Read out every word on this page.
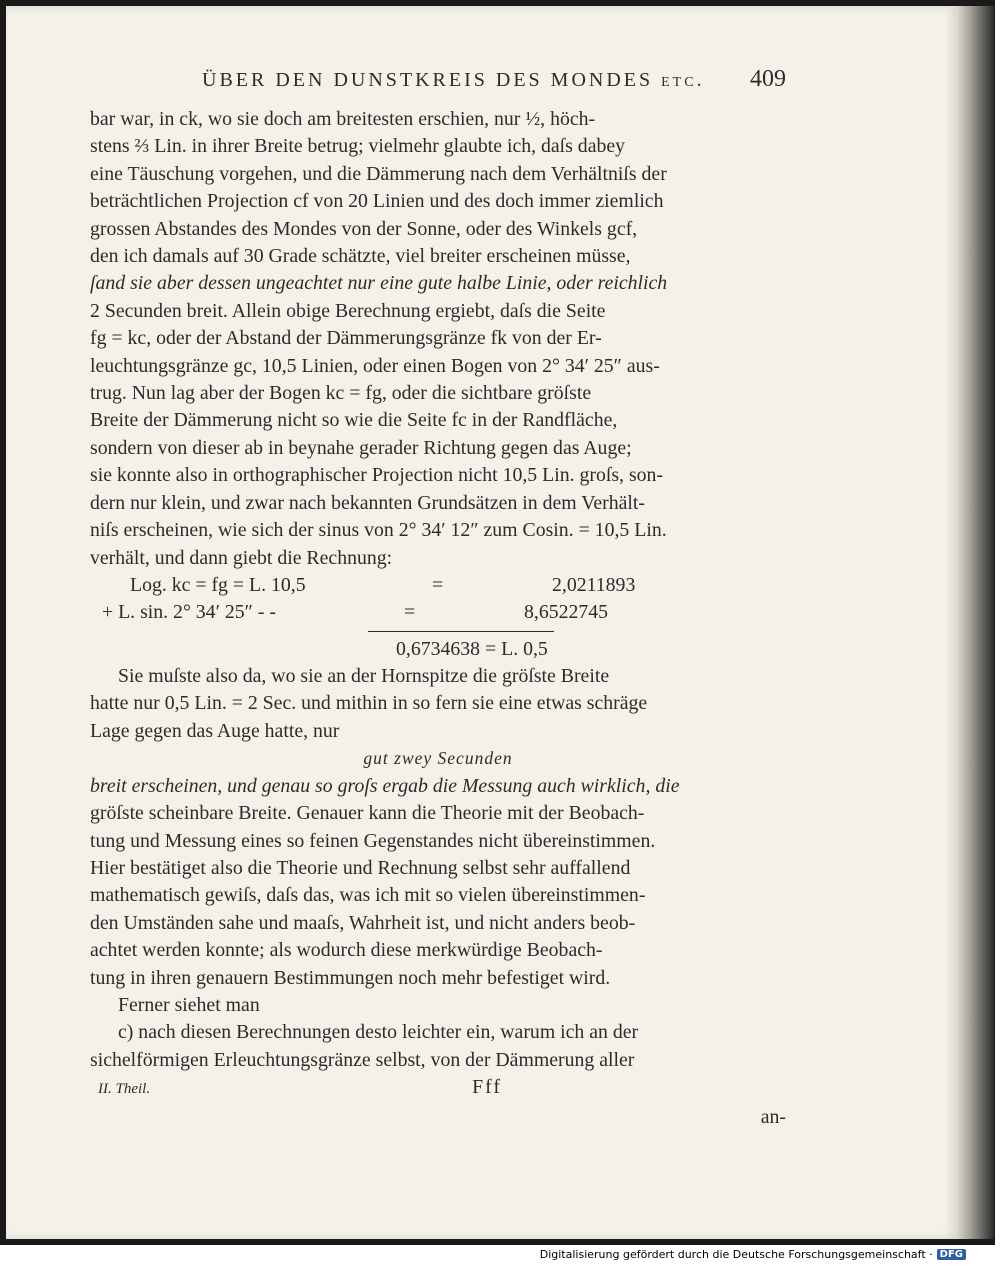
ÜBER DEN DUNSTKREIS DES MONDES etc. 409
bar war, in ck, wo sie doch am breitesten erschien, nur ½, höch-
stens ⅔ Lin. in ihrer Breite betrug; vielmehr glaubte ich, daſs dabey
eine Täuschung vorgehen, und die Dämmerung nach dem Verhältniſs der
beträchtlichen Projection cf von 20 Linien und des doch immer ziemlich
grossen Abstandes des Mondes von der Sonne, oder des Winkels gcf,
den ich damals auf 30 Grade schätzte, viel breiter erscheinen müsse,
ſand sie aber dessen ungeachtet nur eine gute halbe Linie, oder reichlich
2 Secunden breit. Allein obige Berechnung ergiebt, daſs die Seite
fg = kc, oder der Abstand der Dämmerungsgränze fk von der Er-
leuchtungsgränze gc, 10,5 Linien, oder einen Bogen von 2° 34′ 25″ aus-
trug. Nun lag aber der Bogen kc = fg, oder die sichtbare gröſste
Breite der Dämmerung nicht so wie die Seite fc in der Randfläche,
sondern von dieser ab in beynahe gerader Richtung gegen das Auge;
sie konnte also in orthographischer Projection nicht 10,5 Lin. groſs, son-
dern nur klein, und zwar nach bekannten Grundsätzen in dem Verhält-
niſs erscheinen, wie sich der sinus von 2° 34′ 12″ zum Cosin. = 10,5 Lin.
verhält, und dann giebt die Rechnung:
Log. kc = fg = L. 10,5	=	2,0211893
+ L. sin. 2° 34′ 25″ - -	=	8,6522745
0,6734638 = L. 0,5
Sie muſste also da, wo sie an der Hornspitze die gröſste Breite
hatte nur 0,5 Lin. = 2 Sec. und mithin in so fern sie eine etwas schräge
Lage gegen das Auge hatte, nur
gut zwey Secunden
breit erscheinen, und genau so groſs ergab die Messung auch wirklich, die
gröſste scheinbare Breite. Genauer kann die Theorie mit der Beobach-
tung und Messung eines so feinen Gegenstandes nicht übereinstimmen.
Hier bestätiget also die Theorie und Rechnung selbst sehr auffallend
mathematisch gewiſs, daſs das, was ich mit so vielen übereinstimmen-
den Umständen sahe und maaſs, Wahrheit ist, und nicht anders beob-
achtet werden konnte; als wodurch diese merkwürdige Beobach-
tung in ihren genauern Bestimmungen noch mehr befestiget wird.
Ferner siehet man
c) nach diesen Berechnungen desto leichter ein, warum ich an der
sichelförmigen Erleuchtungsgränze selbst, von der Dämmerung aller
II. Theil.	Fff
an-
Digitalisierung gefördert durch die Deutsche Forschungsgemeinschaft · DFG
